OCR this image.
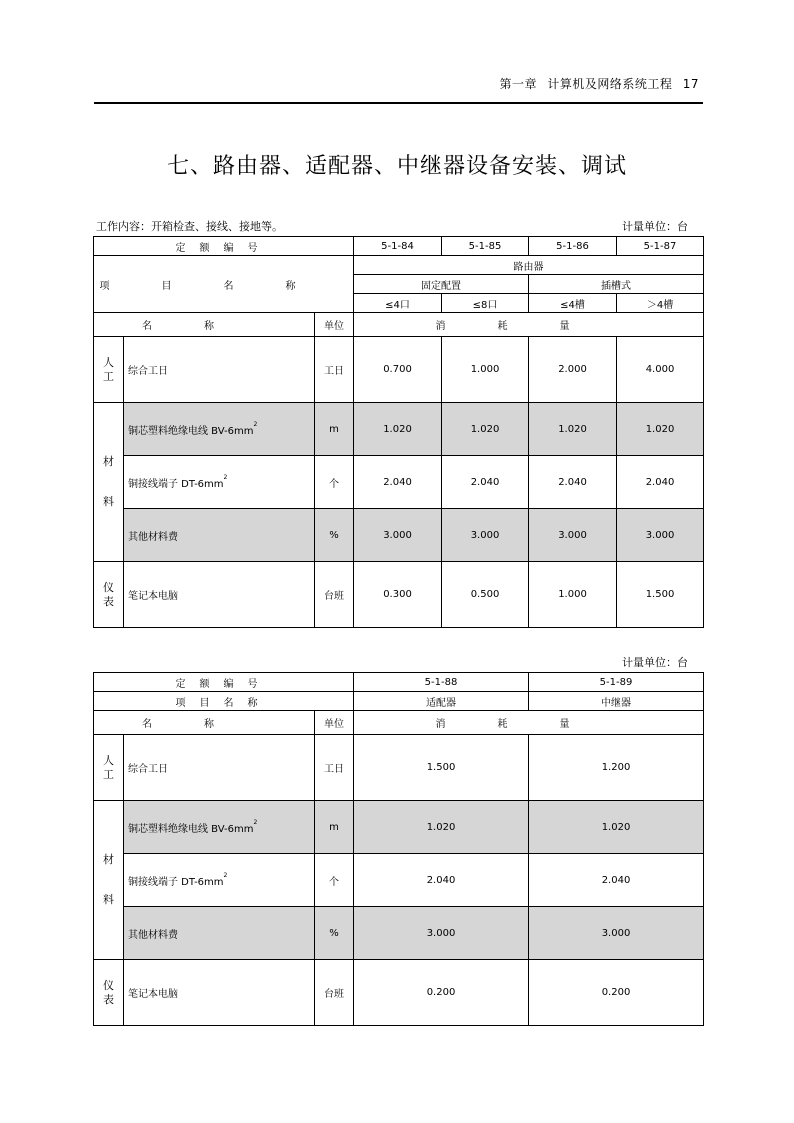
第一章 计算机及网络系统工程 17
七、路由器、适配器、中继器设备安装、调试
工作内容：开箱检查、接线、接地等。	计量单位：台
定额编号			5-1-84	5-1-85	5-1-86	5-1-87
项目名称			路由器			
			固定配置		插槽式	
			≤4口	≤8口	≤4槽	＞4槽
名称		单位	消耗量			
人工	综合工日	工日	0.700	1.000	2.000	4.000
材料	铜芯塑料绝缘电线 $BV-6mm^2$	m	1.020	1.020	1.020	1.020
	铜接线端子 $DT-6mm^2$	个	2.040	2.040	2.040	2.040
	其他材料费	%	3.000	3.000	3.000	3.000
仪表	笔记本电脑	台班	0.300	0.500	1.000	1.500
计量单位：台
定额编号			5-1-88	5-1-89
项目名称			适配器	中继器
名称		单位	消耗量	
人工	综合工日	工日	1.500	1.200
材料	铜芯塑料绝缘电线 $BV-6mm^2$	m	1.020	1.020
	铜接线端子 $DT-6mm^2$	个	2.040	2.040
	其他材料费	%	3.000	3.000
仪表	笔记本电脑	台班	0.200	0.200
